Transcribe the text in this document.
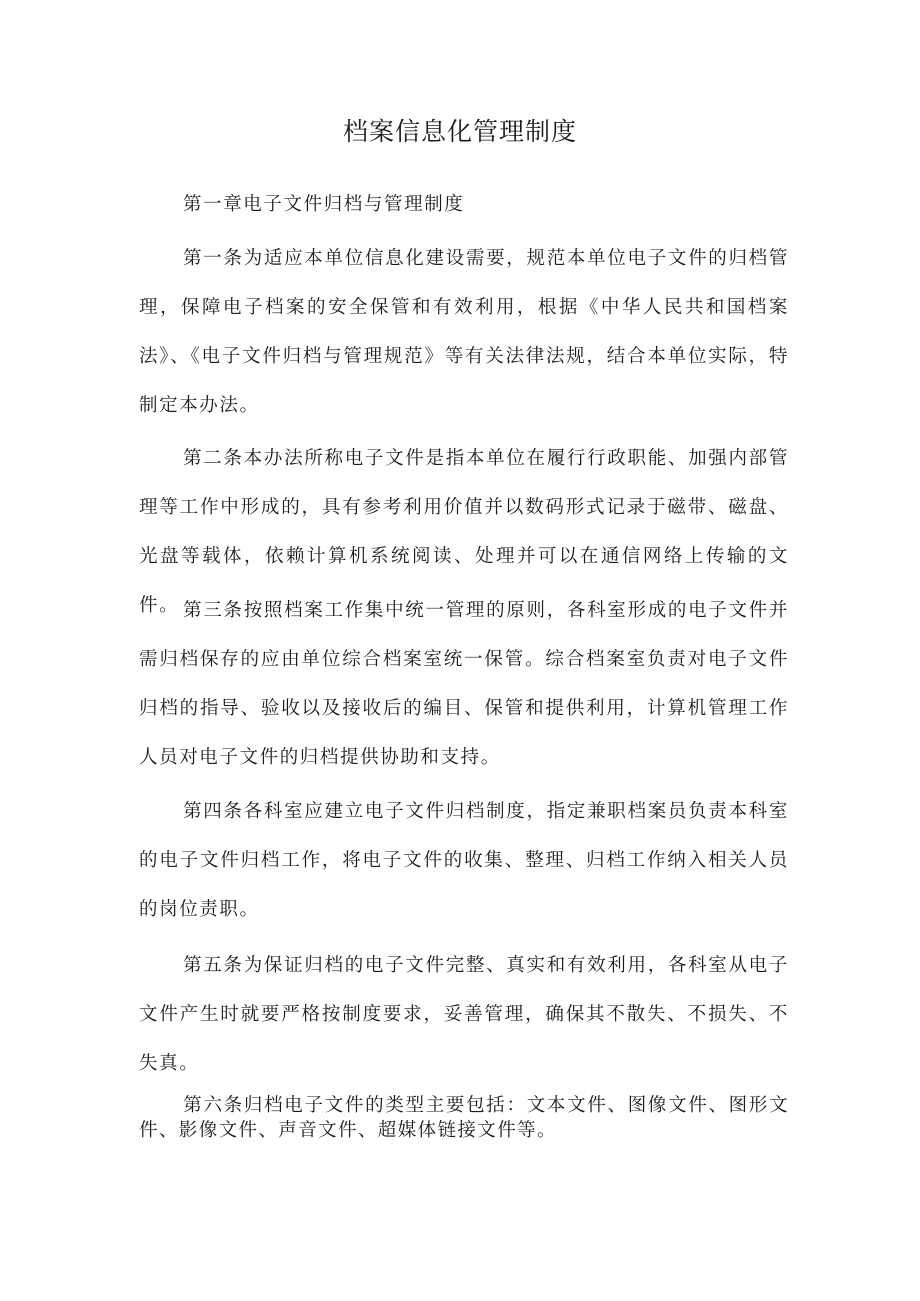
档案信息化管理制度

第一章电子文件归档与管理制度

第一条为适应本单位信息化建设需要，规范本单位电子文件的归档管理，保障电子档案的安全保管和有效利用，根据《中华人民共和国档案法》、《电子文件归档与管理规范》等有关法律法规，结合本单位实际，特制定本办法。

第二条本办法所称电子文件是指本单位在履行行政职能、加强内部管理等工作中形成的，具有参考利用价值并以数码形式记录于磁带、磁盘、光盘等载体，依赖计算机系统阅读、处理并可以在通信网络上传输的文件。 第三条按照档案工作集中统一管理的原则，各科室形成的电子文件并需归档保存的应由单位综合档案室统一保管。综合档案室负责对电子文件归档的指导、验收以及接收后的编目、保管和提供利用，计算机管理工作人员对电子文件的归档提供协助和支持。

第四条各科室应建立电子文件归档制度，指定兼职档案员负责本科室的电子文件归档工作，将电子文件的收集、整理、归档工作纳入相关人员的岗位责职。

第五条为保证归档的电子文件完整、真实和有效利用，各科室从电子文件产生时就要严格按制度要求，妥善管理，确保其不散失、不损失、不失真。

第六条归档电子文件的类型主要包括：文本文件、图像文件、图形文件、影像文件、声音文件、超媒体链接文件等。
